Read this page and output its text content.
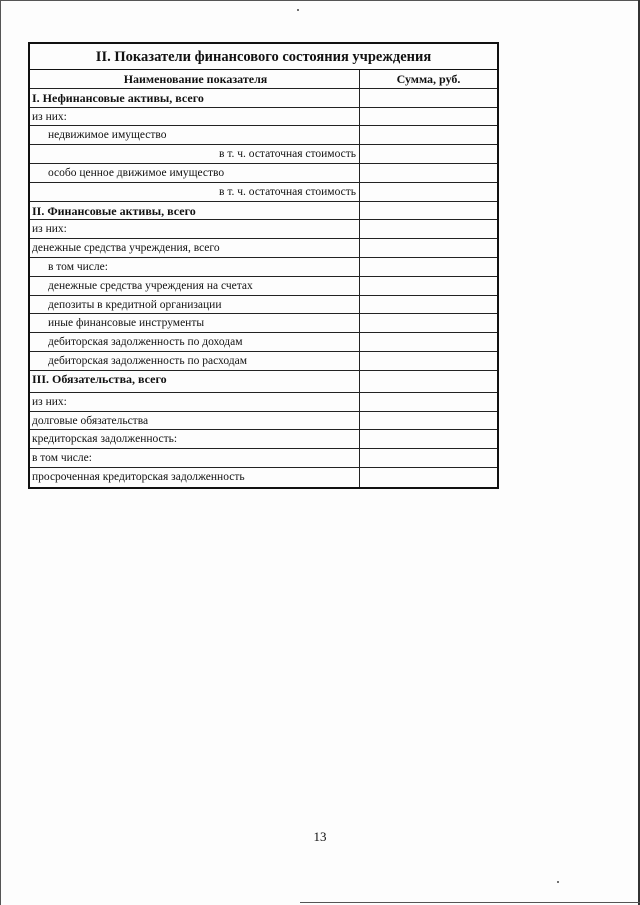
II. Показатели финансового состояния учреждения
Наименование показателя	Сумма, руб.
I. Нефинансовые активы, всего
из них:
недвижимое имущество
в т. ч. остаточная стоимость
особо ценное движимое имущество
в т. ч. остаточная стоимость
II. Финансовые активы, всего
из них:
денежные средства учреждения, всего
в том числе:
денежные средства учреждения на счетах
депозиты в кредитной организации
иные финансовые инструменты
дебиторская задолженность по доходам
дебиторская задолженность по расходам
III. Обязательства, всего
из них:
долговые обязательства
кредиторская задолженность:
в том числе:
просроченная кредиторская задолженность
13
